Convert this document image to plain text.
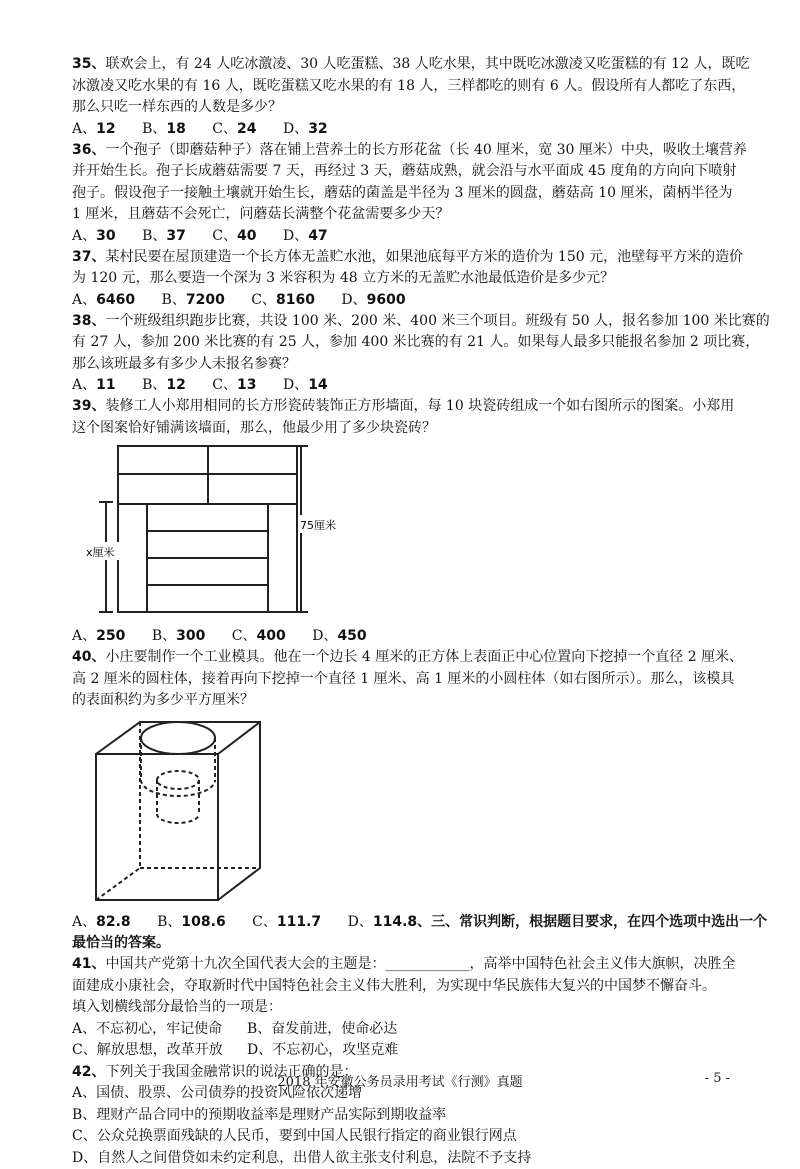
35、联欢会上，有 24 人吃冰激凌、30 人吃蛋糕、38 人吃水果，其中既吃冰激凌又吃蛋糕的有 12 人，既吃
冰激凌又吃水果的有 16 人，既吃蛋糕又吃水果的有 18 人，三样都吃的则有 6 人。假设所有人都吃了东西，
那么只吃一样东西的人数是多少？
A、12 B、18 C、24 D、32
36、一个孢子（即蘑菇种子）落在铺上营养土的长方形花盆（长 40 厘米，宽 30 厘米）中央，吸收土壤营养
并开始生长。孢子长成蘑菇需要 7 天，再经过 3 天，蘑菇成熟，就会沿与水平面成 45 度角的方向向下喷射
孢子。假设孢子一接触土壤就开始生长，蘑菇的菌盖是半径为 3 厘米的圆盘，蘑菇高 10 厘米，菌柄半径为
1 厘米，且蘑菇不会死亡，问蘑菇长满整个花盆需要多少天？
A、30 B、37 C、40 D、47
37、某村民要在屋顶建造一个长方体无盖贮水池，如果池底每平方米的造价为 150 元，池壁每平方米的造价
为 120 元，那么要造一个深为 3 米容积为 48 立方米的无盖贮水池最低造价是多少元？
A、6460 B、7200 C、8160 D、9600
38、一个班级组织跑步比赛，共设 100 米、200 米、400 米三个项目。班级有 50 人，报名参加 100 米比赛的
有 27 人，参加 200 米比赛的有 25 人，参加 400 米比赛的有 21 人。如果每人最多只能报名参加 2 项比赛，
那么该班最多有多少人未报名参赛？
A、11 B、12 C、13 D、14
39、装修工人小郑用相同的长方形瓷砖装饰正方形墙面，每 10 块瓷砖组成一个如右图所示的图案。小郑用
这个图案恰好铺满该墙面，那么，他最少用了多少块瓷砖？
x厘米
75厘米
A、250 B、300 C、400 D、450
40、小庄要制作一个工业模具。他在一个边长 4 厘米的正方体上表面正中心位置向下挖掉一个直径 2 厘米、
高 2 厘米的圆柱体，接着再向下挖掉一个直径 1 厘米、高 1 厘米的小圆柱体（如右图所示）。那么，该模具
的表面积约为多少平方厘米？
A、82.8 B、108.6 C、111.7 D、114.8、三、常识判断，根据题目要求，在四个选项中选出一个
最恰当的答案。
41、中国共产党第十九次全国代表大会的主题是：____________，高举中国特色社会主义伟大旗帜，决胜全
面建成小康社会，夺取新时代中国特色社会主义伟大胜利，为实现中华民族伟大复兴的中国梦不懈奋斗。
填入划横线部分最恰当的一项是：
A、不忘初心，牢记使命 B、奋发前进，使命必达
C、解放思想，改革开放 D、不忘初心，攻坚克难
42、下列关于我国金融常识的说法正确的是：
A、国债、股票、公司债券的投资风险依次递增
B、理财产品合同中的预期收益率是理财产品实际到期收益率
C、公众兑换票面残缺的人民币，要到中国人民银行指定的商业银行网点
D、自然人之间借贷如未约定利息，出借人欲主张支付利息，法院不予支持
2018 年安徽公务员录用考试《行测》真题	- 5 -
